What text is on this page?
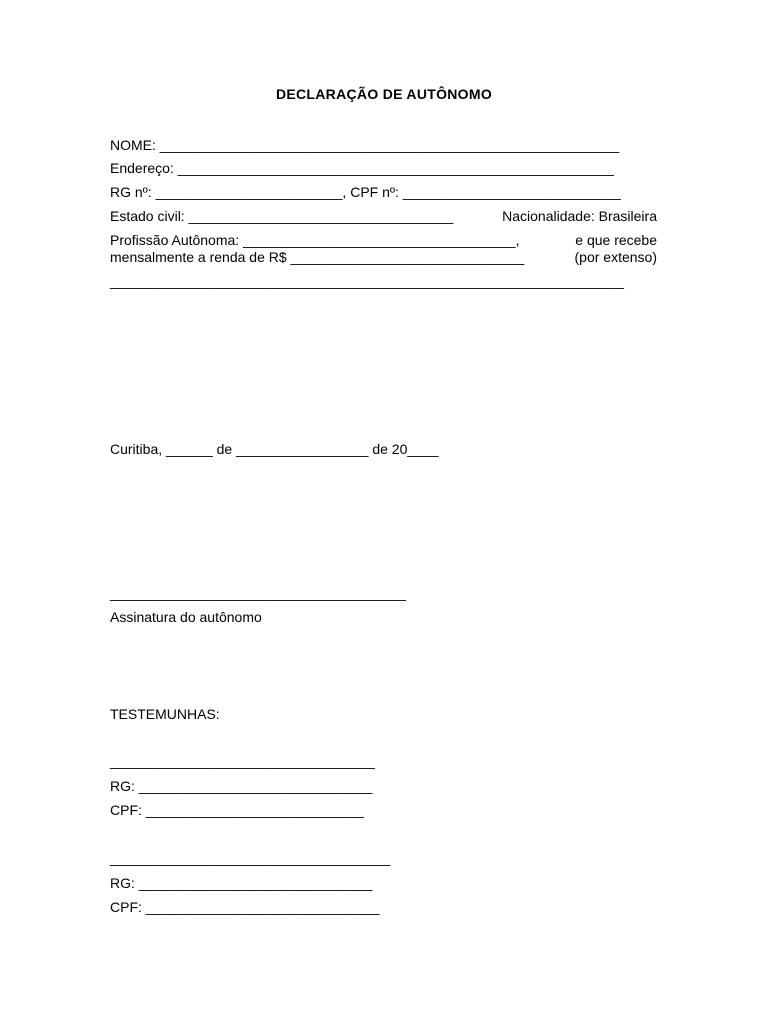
DECLARAÇÃO DE AUTÔNOMO
NOME: ___________________________________________________________
Endereço: ________________________________________________________
RG nº: ________________________, CPF nº: ____________________________
Estado civil: __________________________________	Nacionalidade: Brasileira
Profissão Autônoma: ___________________________________,	e que recebe
mensalmente a renda de R$ ______________________________	(por extenso)
__________________________________________________________________
Curitiba, ______ de _________________ de 20____
______________________________________
Assinatura do autônomo
TESTEMUNHAS:
__________________________________
RG: ______________________________
CPF: ____________________________
____________________________________
RG: ______________________________
CPF: ______________________________
